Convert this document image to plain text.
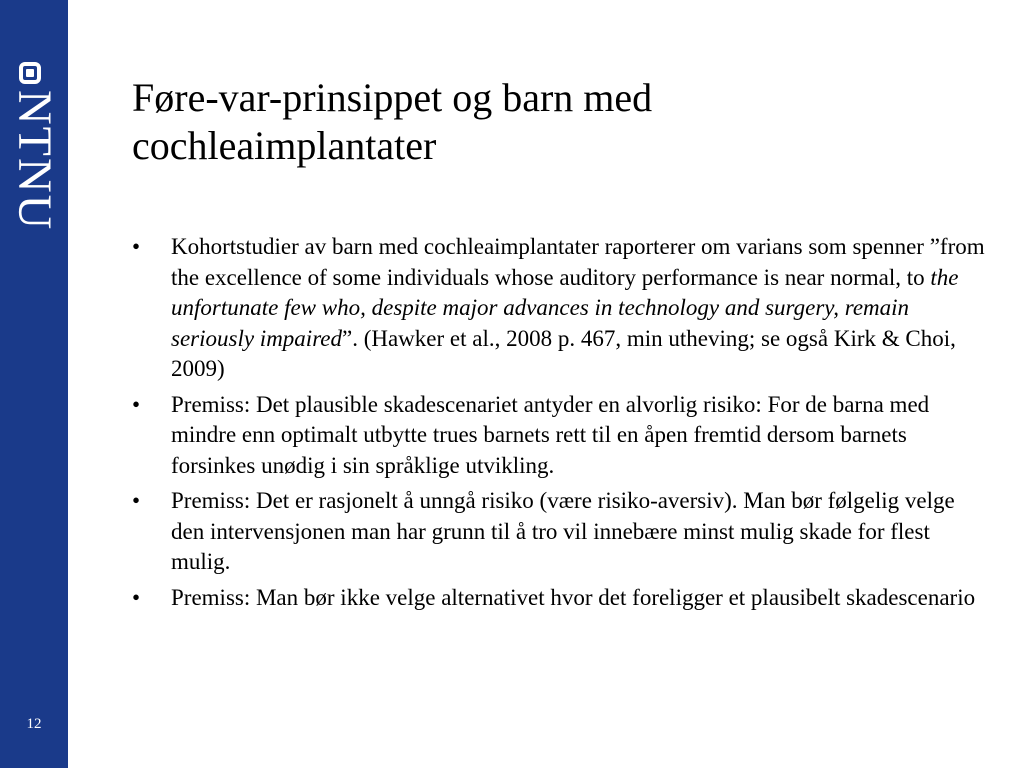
NTNU
12
Føre-var-prinsippet og barn med
cochleaimplantater
• Kohortstudier av barn med cochleaimplantater raporterer om varians som spenner ”from the excellence of some individuals whose auditory performance is near normal, to the unfortunate few who, despite major advances in technology and surgery, remain seriously impaired”. (Hawker et al., 2008 p. 467, min utheving; se også Kirk & Choi, 2009)
• Premiss: Det plausible skadescenariet antyder en alvorlig risiko: For de barna med mindre enn optimalt utbytte trues barnets rett til en åpen fremtid dersom barnets forsinkes unødig i sin språklige utvikling.
• Premiss: Det er rasjonelt å unngå risiko (være risiko-aversiv). Man bør følgelig velge den intervensjonen man har grunn til å tro vil innebære minst mulig skade for flest mulig.
• Premiss: Man bør ikke velge alternativet hvor det foreligger et plausibelt skadescenario
